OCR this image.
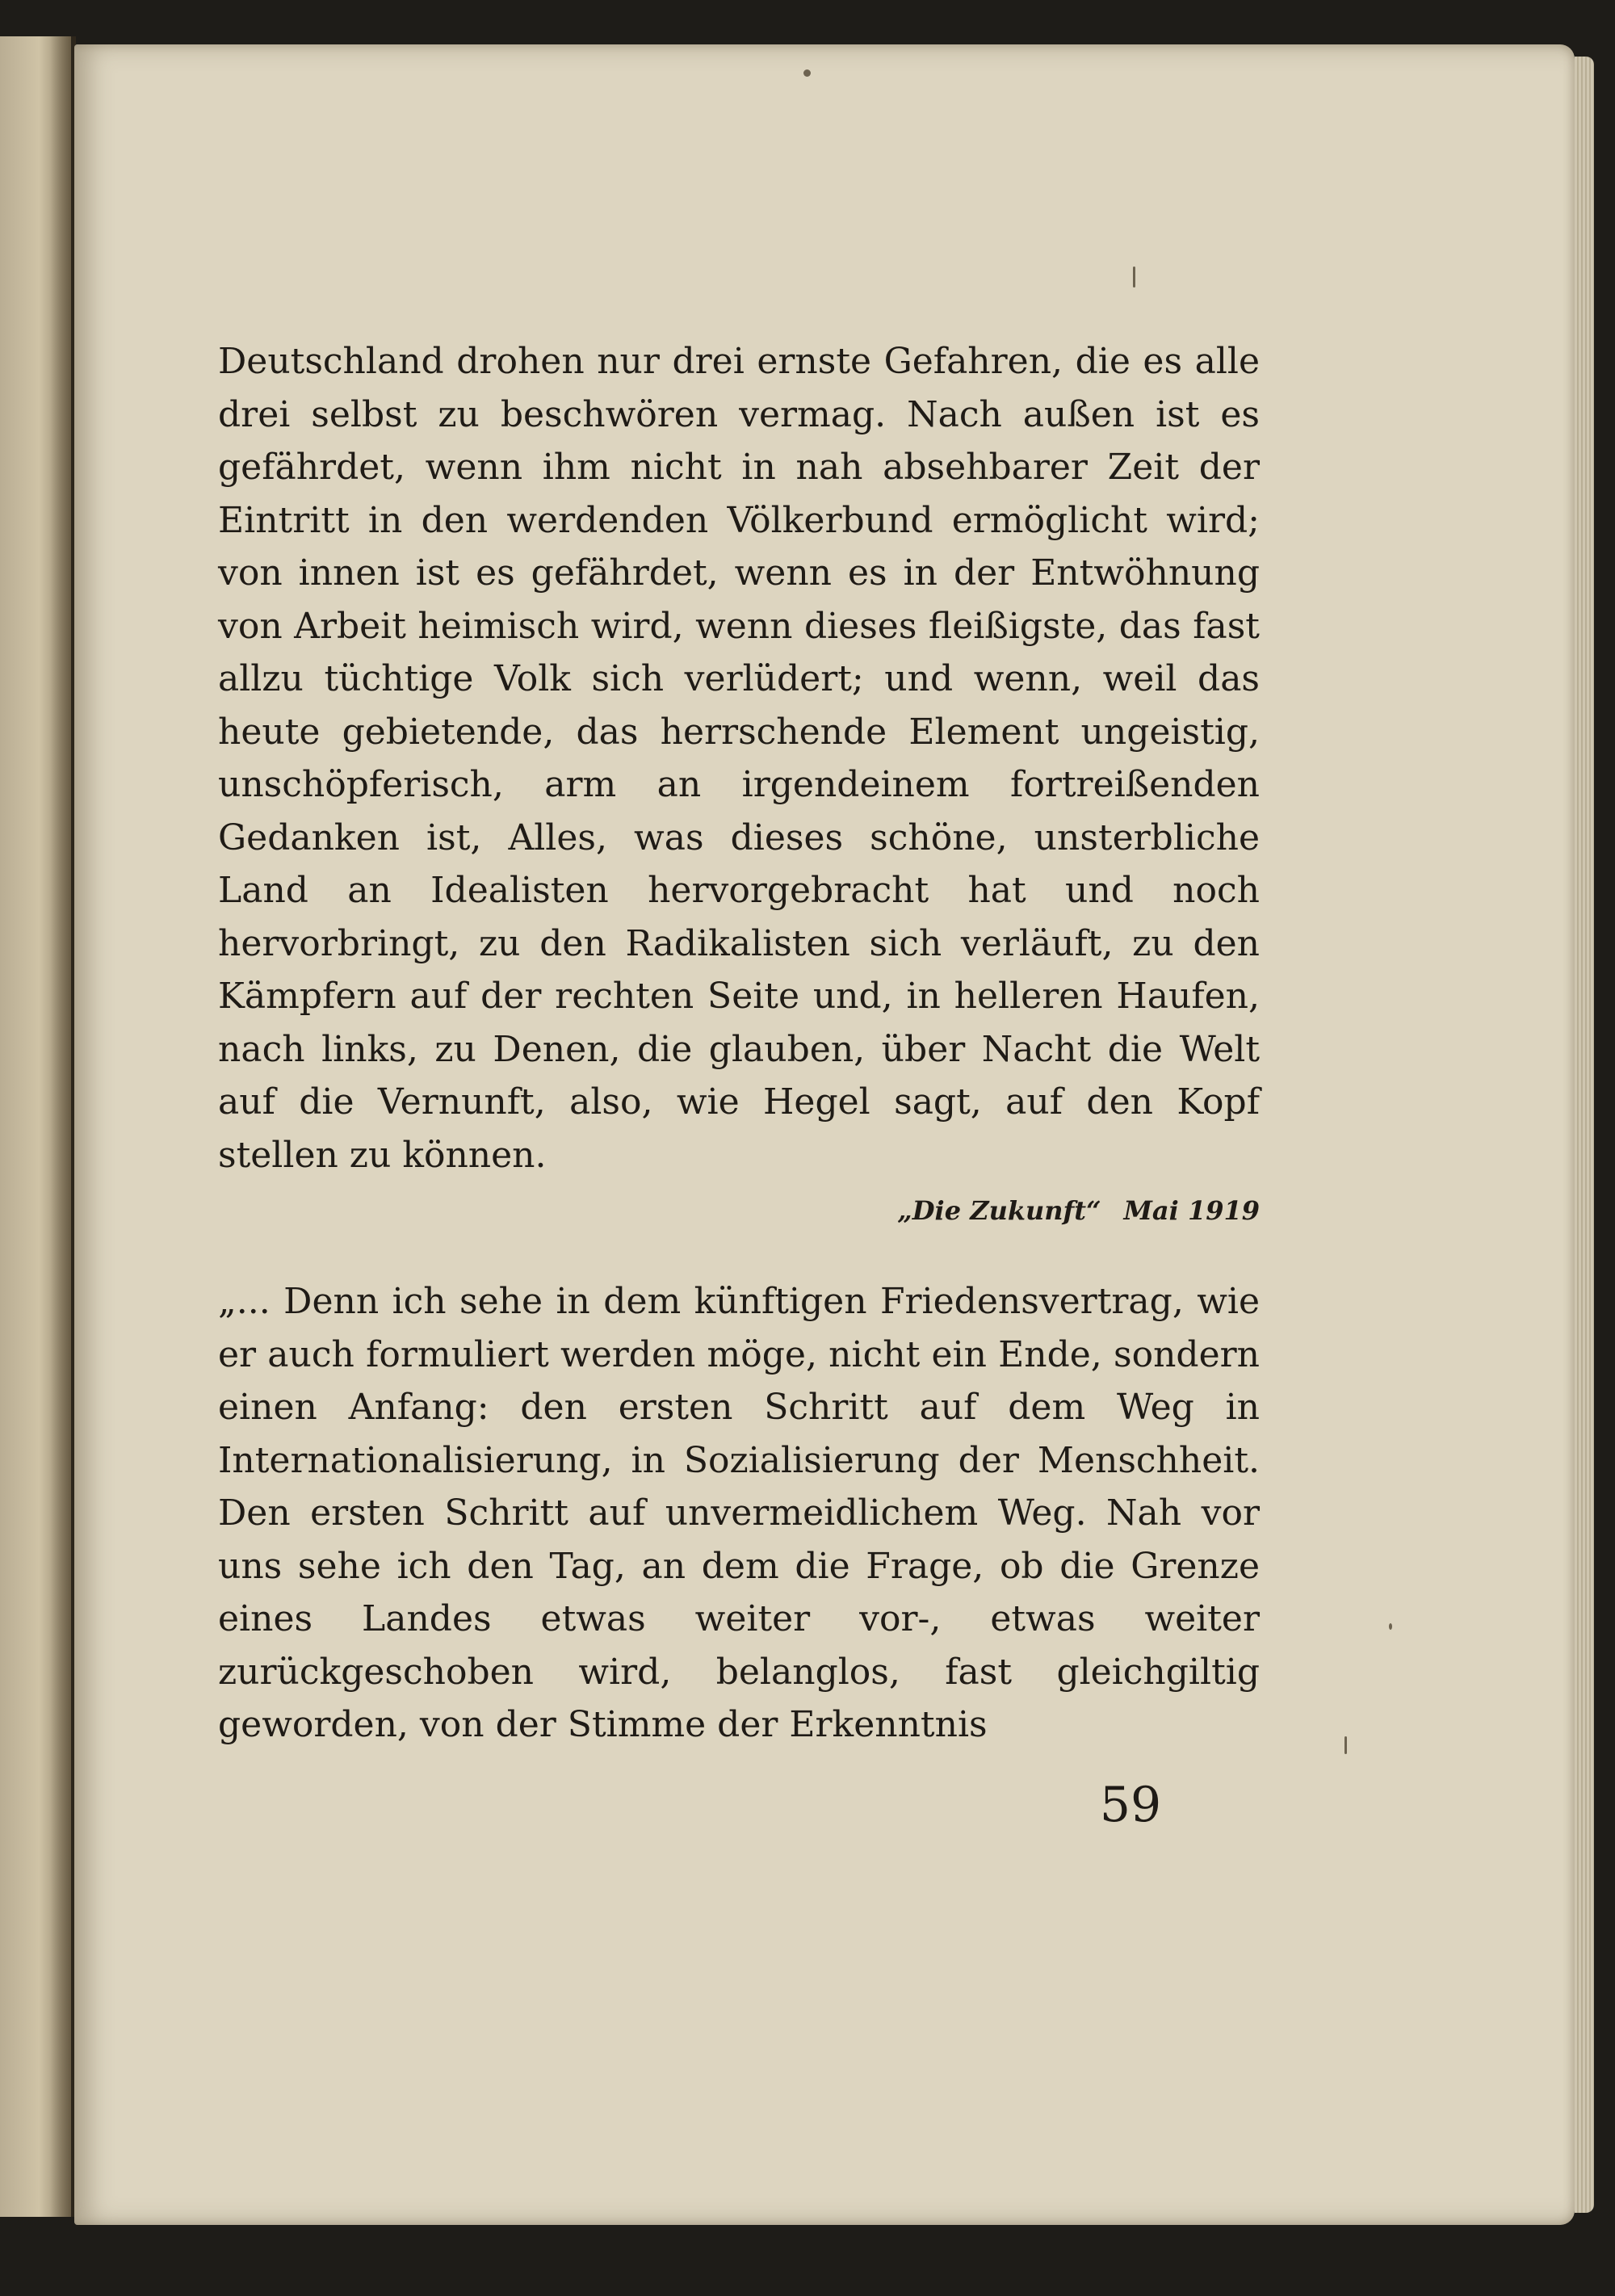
Deutschland drohen nur drei ernste Gefahren, die es alle drei selbst zu beschwören vermag. Nach außen ist es gefährdet, wenn ihm nicht in nah absehbarer Zeit der Eintritt in den werdenden Völkerbund ermöglicht wird; von innen ist es gefährdet, wenn es in der Entwöhnung von Arbeit heimisch wird, wenn dieses fleißigste, das fast allzu tüchtige Volk sich verlüdert; und wenn, weil das heute gebietende, das herrschende Element ungeistig, unschöpferisch, arm an irgendeinem fortreißenden Gedanken ist, Alles, was dieses schöne, unsterbliche Land an Idealisten hervorgebracht hat und noch hervorbringt, zu den Radikalisten sich verläuft, zu den Kämpfern auf der rechten Seite und, in helleren Haufen, nach links, zu Denen, die glauben, über Nacht die Welt auf die Vernunft, also, wie Hegel sagt, auf den Kopf stellen zu können.

„Die Zukunft“ Mai 1919

„... Denn ich sehe in dem künftigen Friedensvertrag, wie er auch formuliert werden möge, nicht ein Ende, sondern einen Anfang: den ersten Schritt auf dem Weg in Internationalisierung, in Sozialisierung der Menschheit. Den ersten Schritt auf unvermeidlichem Weg. Nah vor uns sehe ich den Tag, an dem die Frage, ob die Grenze eines Landes etwas weiter vor-, etwas weiter zurückgeschoben wird, belanglos, fast gleichgiltig geworden, von der Stimme der Erkenntnis

59
